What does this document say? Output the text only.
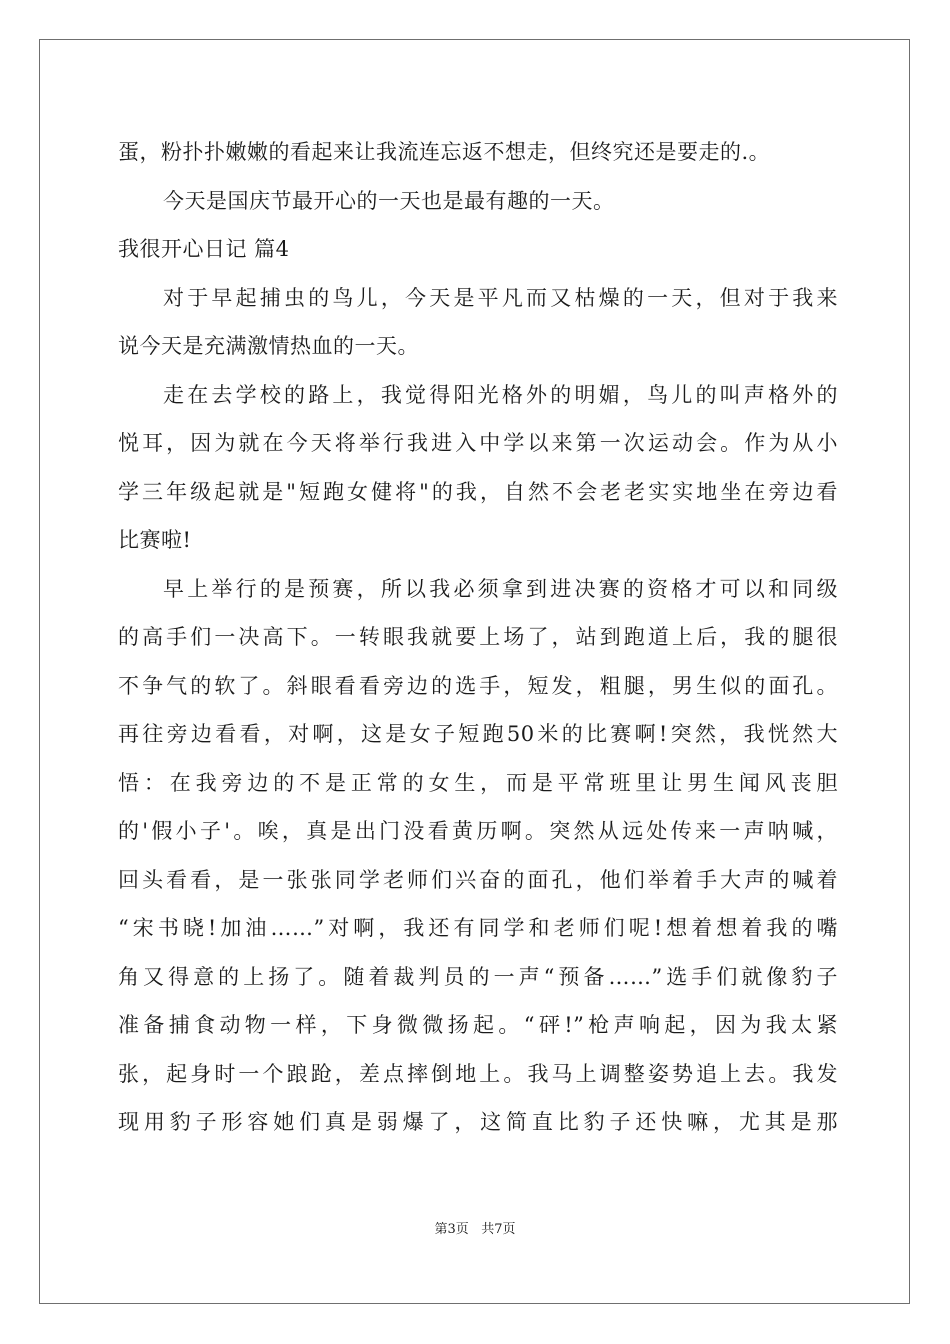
蛋，粉扑扑嫩嫩的看起来让我流连忘返不想走，但终究还是要走的.。
今天是国庆节最开心的一天也是最有趣的一天。
我很开心日记 篇4
对于早起捕虫的鸟儿，今天是平凡而又枯燥的一天，但对于我来
说今天是充满激情热血的一天。
走在去学校的路上，我觉得阳光格外的明媚，鸟儿的叫声格外的
悦耳，因为就在今天将举行我进入中学以来第一次运动会。作为从小
学三年级起就是"短跑女健将"的我，自然不会老老实实地坐在旁边看
比赛啦!
早上举行的是预赛，所以我必须拿到进决赛的资格才可以和同级
的高手们一决高下。一转眼我就要上场了，站到跑道上后，我的腿很
不争气的软了。斜眼看看旁边的选手，短发，粗腿，男生似的面孔。
再往旁边看看，对啊，这是女子短跑50米的比赛啊!突然，我恍然大
悟：在我旁边的不是正常的女生，而是平常班里让男生闻风丧胆
的'假小子'。唉，真是出门没看黄历啊。突然从远处传来一声呐喊，
回头看看，是一张张同学老师们兴奋的面孔，他们举着手大声的喊着
“宋书晓!加油……”对啊，我还有同学和老师们呢!想着想着我的嘴
角又得意的上扬了。随着裁判员的一声“预备……”选手们就像豹子
准备捕食动物一样，下身微微扬起。“砰!”枪声响起，因为我太紧
张，起身时一个踉跄，差点摔倒地上。我马上调整姿势追上去。我发
现用豹子形容她们真是弱爆了，这简直比豹子还快嘛，尤其是那
第3页 共7页
